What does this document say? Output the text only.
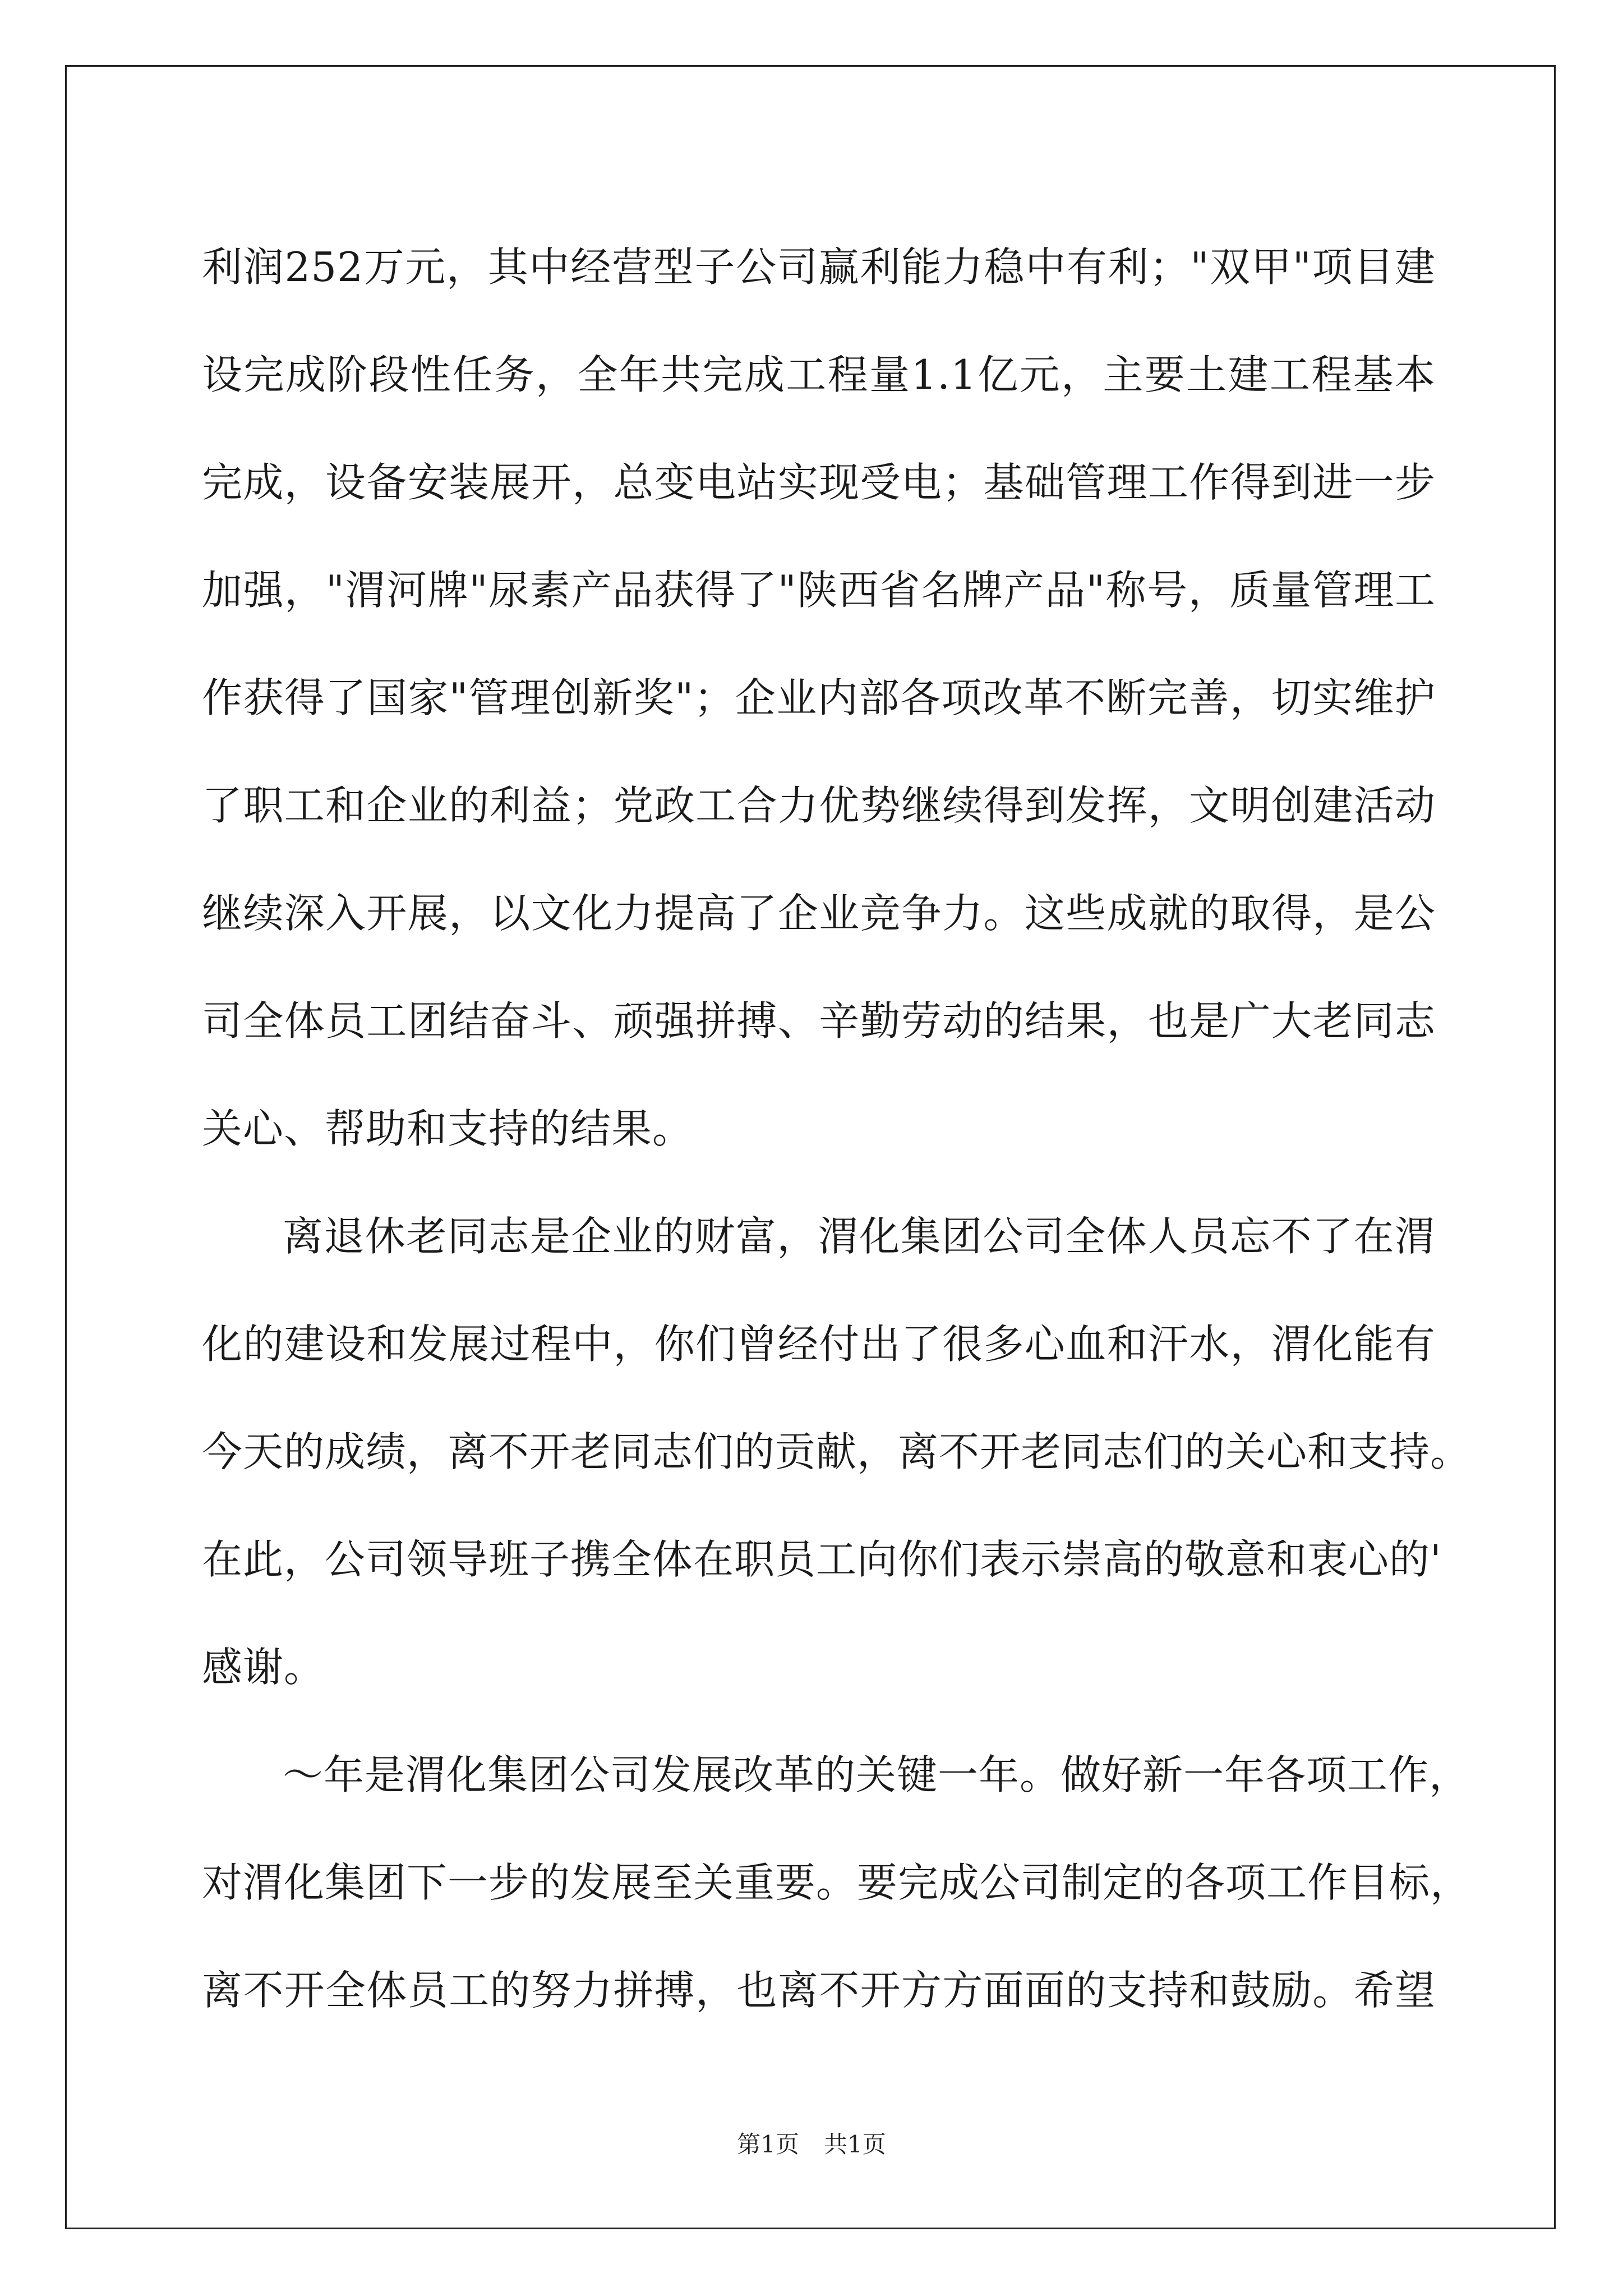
利润252万元，其中经营型子公司赢利能力稳中有利；"双甲"项目建
设完成阶段性任务，全年共完成工程量1.1亿元，主要土建工程基本
完成，设备安装展开，总变电站实现受电；基础管理工作得到进一步
加强，"渭河牌"尿素产品获得了"陕西省名牌产品"称号，质量管理工
作获得了国家"管理创新奖"；企业内部各项改革不断完善，切实维护
了职工和企业的利益；党政工合力优势继续得到发挥，文明创建活动
继续深入开展，以文化力提高了企业竞争力。这些成就的取得，是公
司全体员工团结奋斗、顽强拼搏、辛勤劳动的结果，也是广大老同志
关心、帮助和支持的结果。
离退休老同志是企业的财富，渭化集团公司全体人员忘不了在渭
化的建设和发展过程中，你们曾经付出了很多心血和汗水，渭化能有
今天的成绩，离不开老同志们的贡献，离不开老同志们的关心和支持。
在此，公司领导班子携全体在职员工向你们表示崇高的敬意和衷心的'
感谢。
～年是渭化集团公司发展改革的关键一年。做好新一年各项工作，
对渭化集团下一步的发展至关重要。要完成公司制定的各项工作目标，
离不开全体员工的努力拼搏，也离不开方方面面的支持和鼓励。希望
第1页 共1页
